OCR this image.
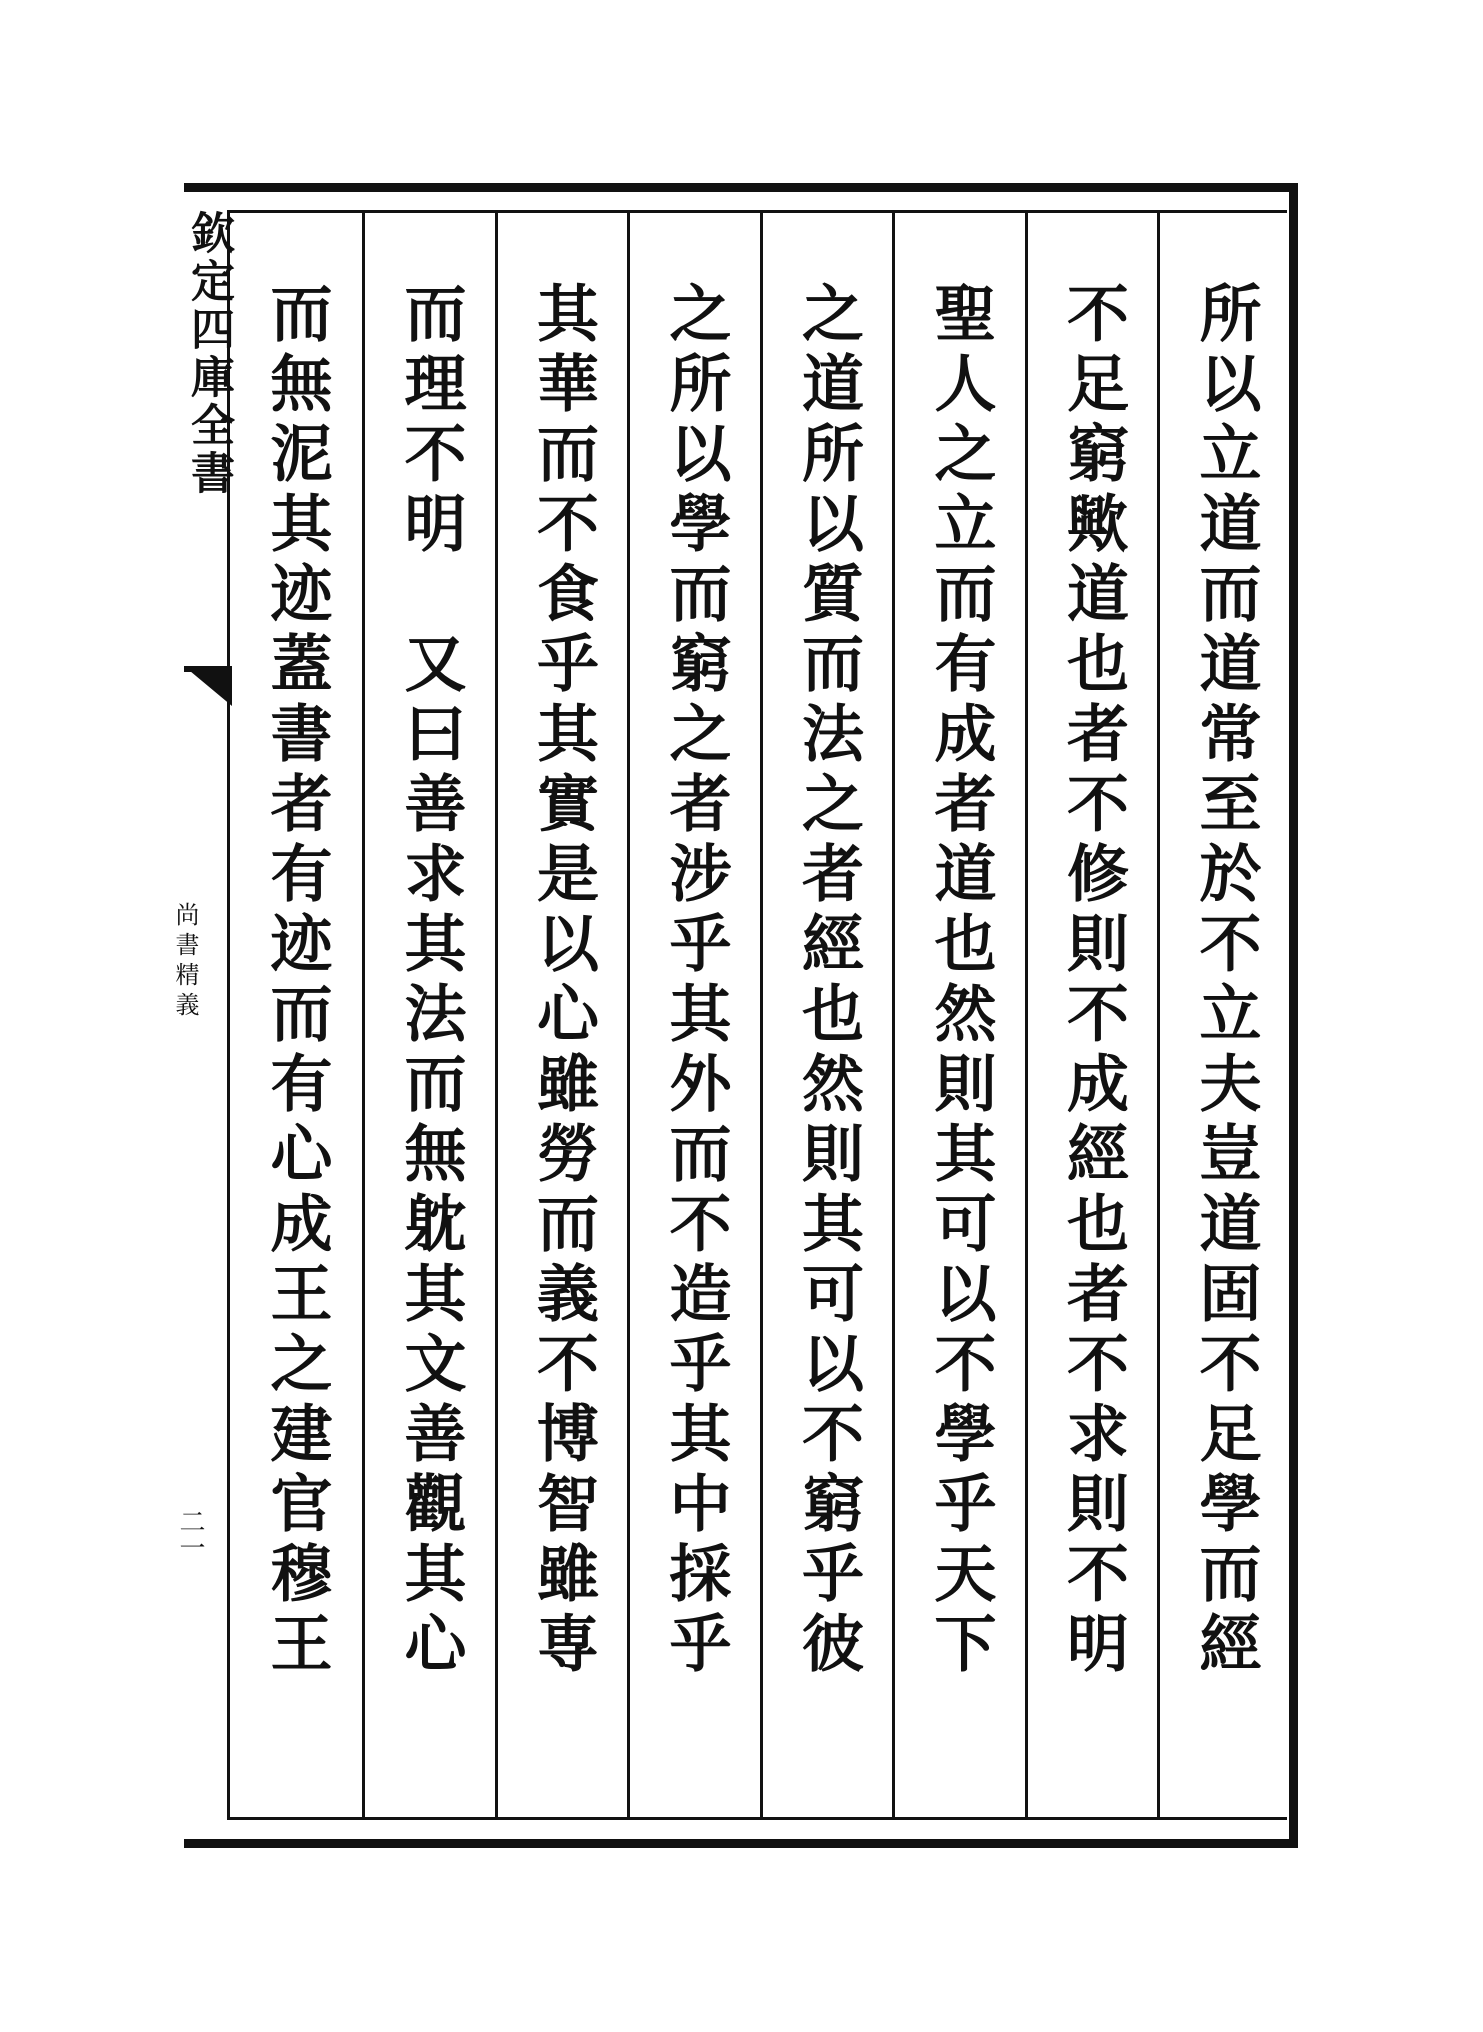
欽定四庫全書
尚書精義
二一	所以立道而道常至於不立夫豈道固不足學而經
不足窮歟道也者不修則不成經也者不求則不明
聖人之立而有成者道也然則其可以不學乎天下
之道所以質而法之者經也然則其可以不窮乎彼
之所以學而窮之者涉乎其外而不造乎其中採乎
其華而不食乎其實是以心雖勞而義不博智雖専
而理不明　又曰善求其法而無躭其文善觀其心
而無泥其迹蓋書者有迹而有心成王之建官穆王
